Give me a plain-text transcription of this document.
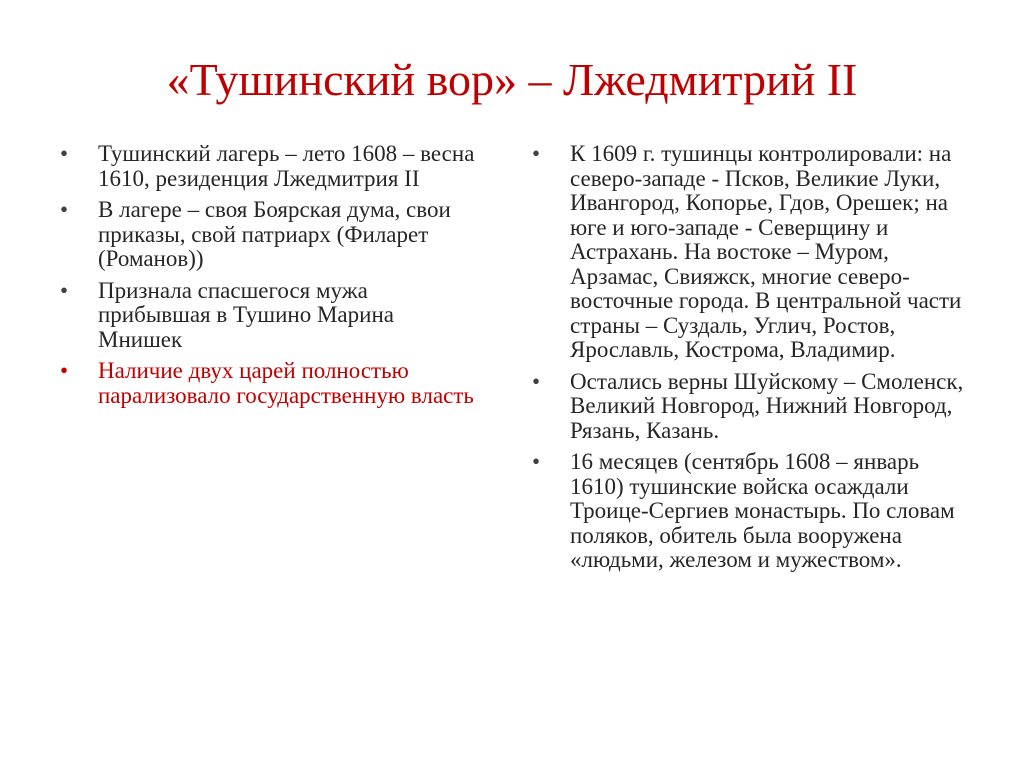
«Тушинский вор» – Лжедмитрий II
•	Тушинский лагерь – лето 1608 – весна 1610, резиденция Лжедмитрия II
•	В лагере – своя Боярская дума, свои приказы, свой патриарх (Филарет (Романов))
•	Признала спасшегося мужа прибывшая в Тушино Марина Мнишек
•	Наличие двух царей полностью парализовало государственную власть
•	К 1609 г. тушинцы контролировали: на северо-западе - Псков, Великие Луки, Ивангород, Копорье, Гдов, Орешек; на юге и юго-западе - Северщину и Астрахань. На востоке – Муром, Арзамас, Свияжск, многие северо-восточные города. В центральной части страны – Суздаль, Углич, Ростов, Ярославль, Кострома, Владимир.
•	Остались верны Шуйскому – Смоленск, Великий Новгород, Нижний Новгород, Рязань, Казань.
•	16 месяцев (сентябрь 1608 – январь 1610) тушинские войска осаждали Троице-Сергиев монастырь. По словам поляков, обитель была вооружена «людьми, железом и мужеством».
